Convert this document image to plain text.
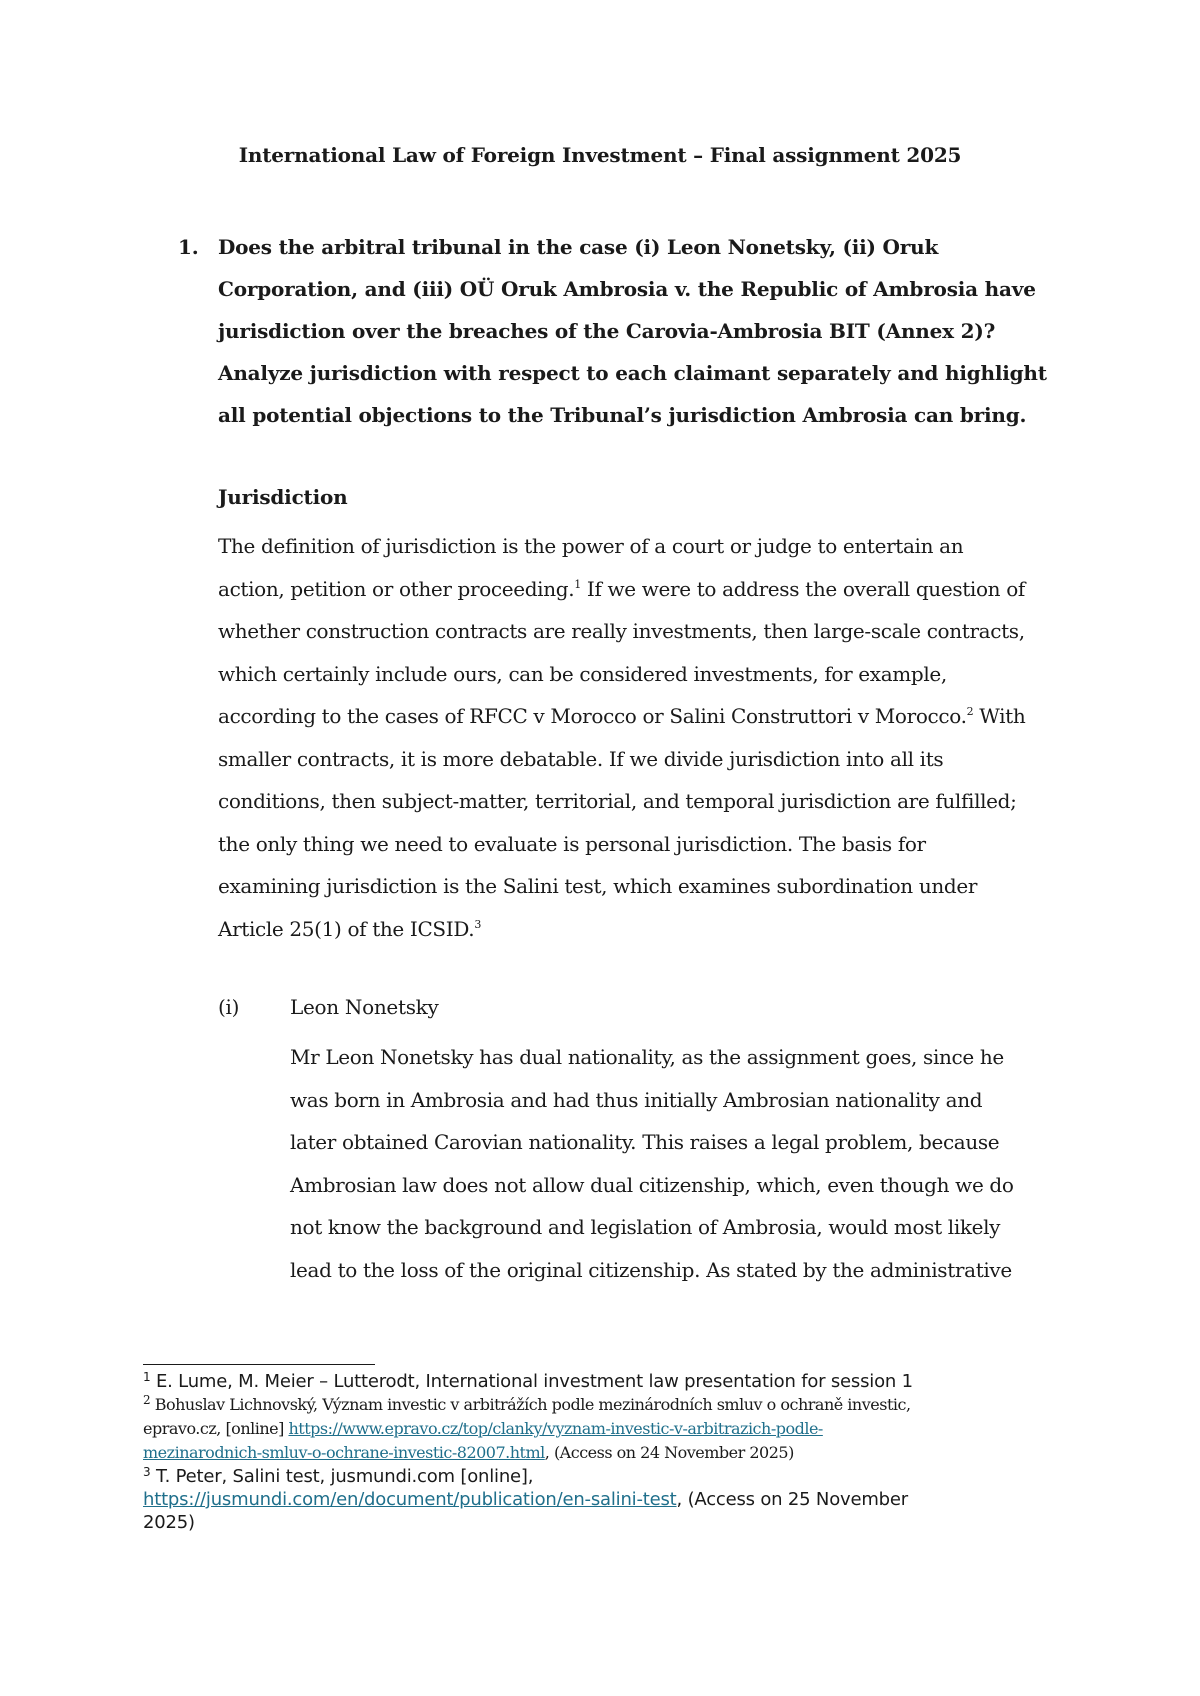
International Law of Foreign Investment – Final assignment 2025
1. Does the arbitral tribunal in the case (i) Leon Nonetsky, (ii) Oruk
Corporation, and (iii) OÜ Oruk Ambrosia v. the Republic of Ambrosia have
jurisdiction over the breaches of the Carovia-Ambrosia BIT (Annex 2)?
Analyze jurisdiction with respect to each claimant separately and highlight
all potential objections to the Tribunal’s jurisdiction Ambrosia can bring.
Jurisdiction
The definition of jurisdiction is the power of a court or judge to entertain an
action, petition or other proceeding.$^1$ If we were to address the overall question of
whether construction contracts are really investments, then large-scale contracts,
which certainly include ours, can be considered investments, for example,
according to the cases of RFCC v Morocco or Salini Construttori v Morocco.$^2$ With
smaller contracts, it is more debatable. If we divide jurisdiction into all its
conditions, then subject-matter, territorial, and temporal jurisdiction are fulfilled;
the only thing we need to evaluate is personal jurisdiction. The basis for
examining jurisdiction is the Salini test, which examines subordination under
Article 25(1) of the ICSID.$^3$
(i)	Leon Nonetsky
Mr Leon Nonetsky has dual nationality, as the assignment goes, since he
was born in Ambrosia and had thus initially Ambrosian nationality and
later obtained Carovian nationality. This raises a legal problem, because
Ambrosian law does not allow dual citizenship, which, even though we do
not know the background and legislation of Ambrosia, would most likely
lead to the loss of the original citizenship. As stated by the administrative
$^1$ E. Lume, M. Meier – Lutterodt, International investment law presentation for session 1
$^2$ Bohuslav Lichnovský, Význam investic v arbitrážích podle mezinárodních smluv o ochraně investic,
epravo.cz, [online] https://www.epravo.cz/top/clanky/vyznam-investic-v-arbitrazich-podle-
mezinarodnich-smluv-o-ochrane-investic-82007.html, (Access on 24 November 2025)
$^3$ T. Peter, Salini test, jusmundi.com [online],
https://jusmundi.com/en/document/publication/en-salini-test, (Access on 25 November
2025)
